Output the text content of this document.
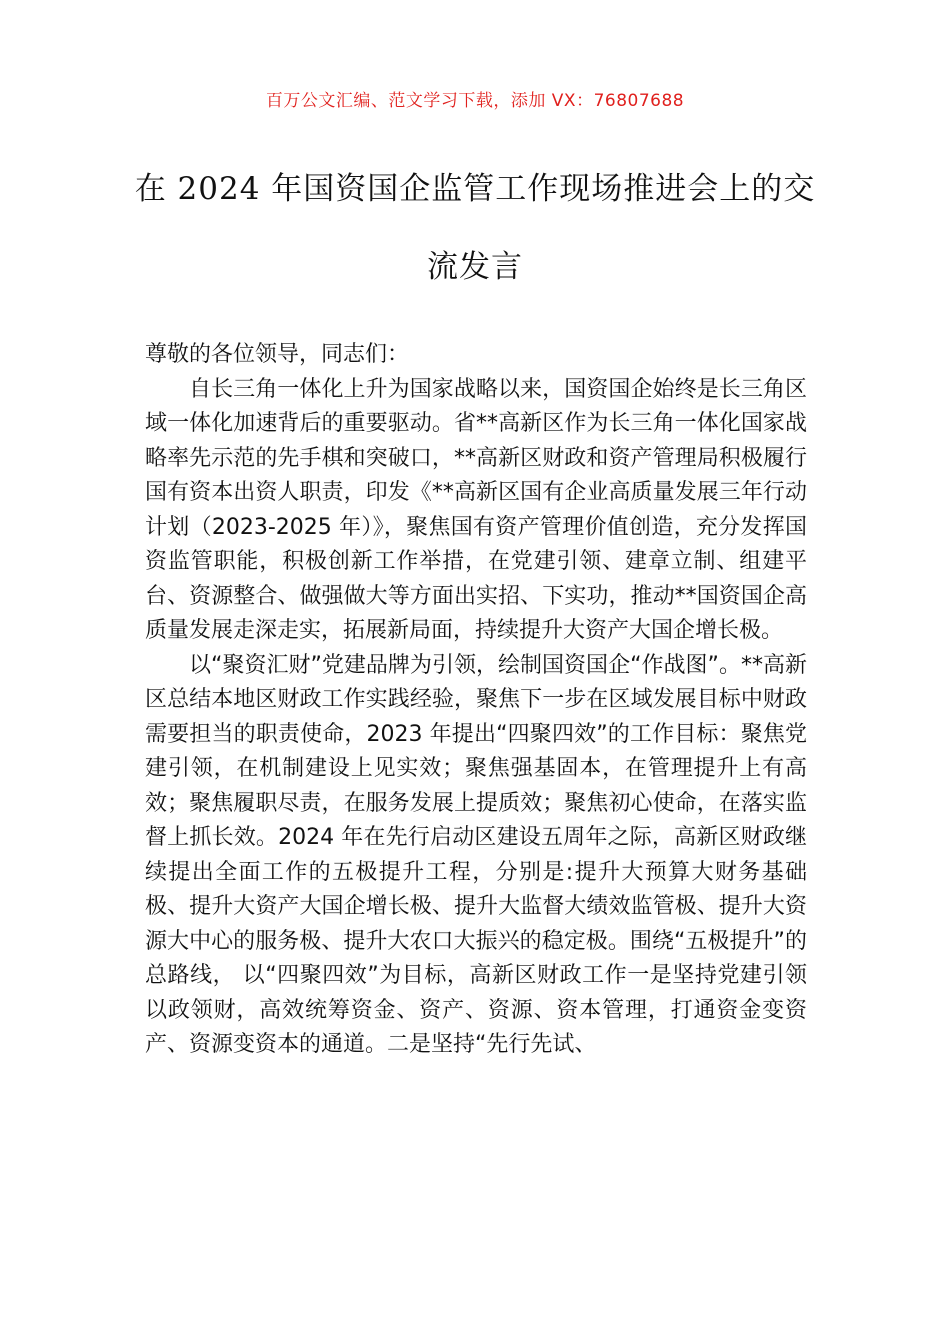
百万公文汇编、范文学习下载，添加 VX：76807688
在 2024 年国资国企监管工作现场推进会上的交流发言

尊敬的各位领导，同志们：

自长三角一体化上升为国家战略以来，国资国企始终是长三角区域一体化加速背后的重要驱动。省**高新区作为长三角一体化国家战略率先示范的先手棋和突破口，**高新区财政和资产管理局积极履行国有资本出资人职责，印发《**高新区国有企业高质量发展三年行动计划（2023-2025 年）》，聚焦国有资产管理价值创造，充分发挥国资监管职能，积极创新工作举措，在党建引领、建章立制、组建平台、资源整合、做强做大等方面出实招、下实功，推动**国资国企高质量发展走深走实，拓展新局面，持续提升大资产大国企增长极。

以“聚资汇财”党建品牌为引领，绘制国资国企“作战图”。**高新区总结本地区财政工作实践经验，聚焦下一步在区域发展目标中财政需要担当的职责使命，2023 年提出“四聚四效”的工作目标：聚焦党建引领，在机制建设上见实效；聚焦强基固本，在管理提升上有高效；聚焦履职尽责，在服务发展上提质效；聚焦初心使命，在落实监督上抓长效。2024 年在先行启动区建设五周年之际，高新区财政继续提出全面工作的五极提升工程，分别是:提升大预算大财务基础极、提升大资产大国企增长极、提升大监督大绩效监管极、提升大资源大中心的服务极、提升大农口大振兴的稳定极。围绕“五极提升”的总路线， 以“四聚四效”为目标，高新区财政工作一是坚持党建引领以政领财，高效统筹资金、资产、资源、资本管理，打通资金变资产、资源变资本的通道。二是坚持“先行先试、
